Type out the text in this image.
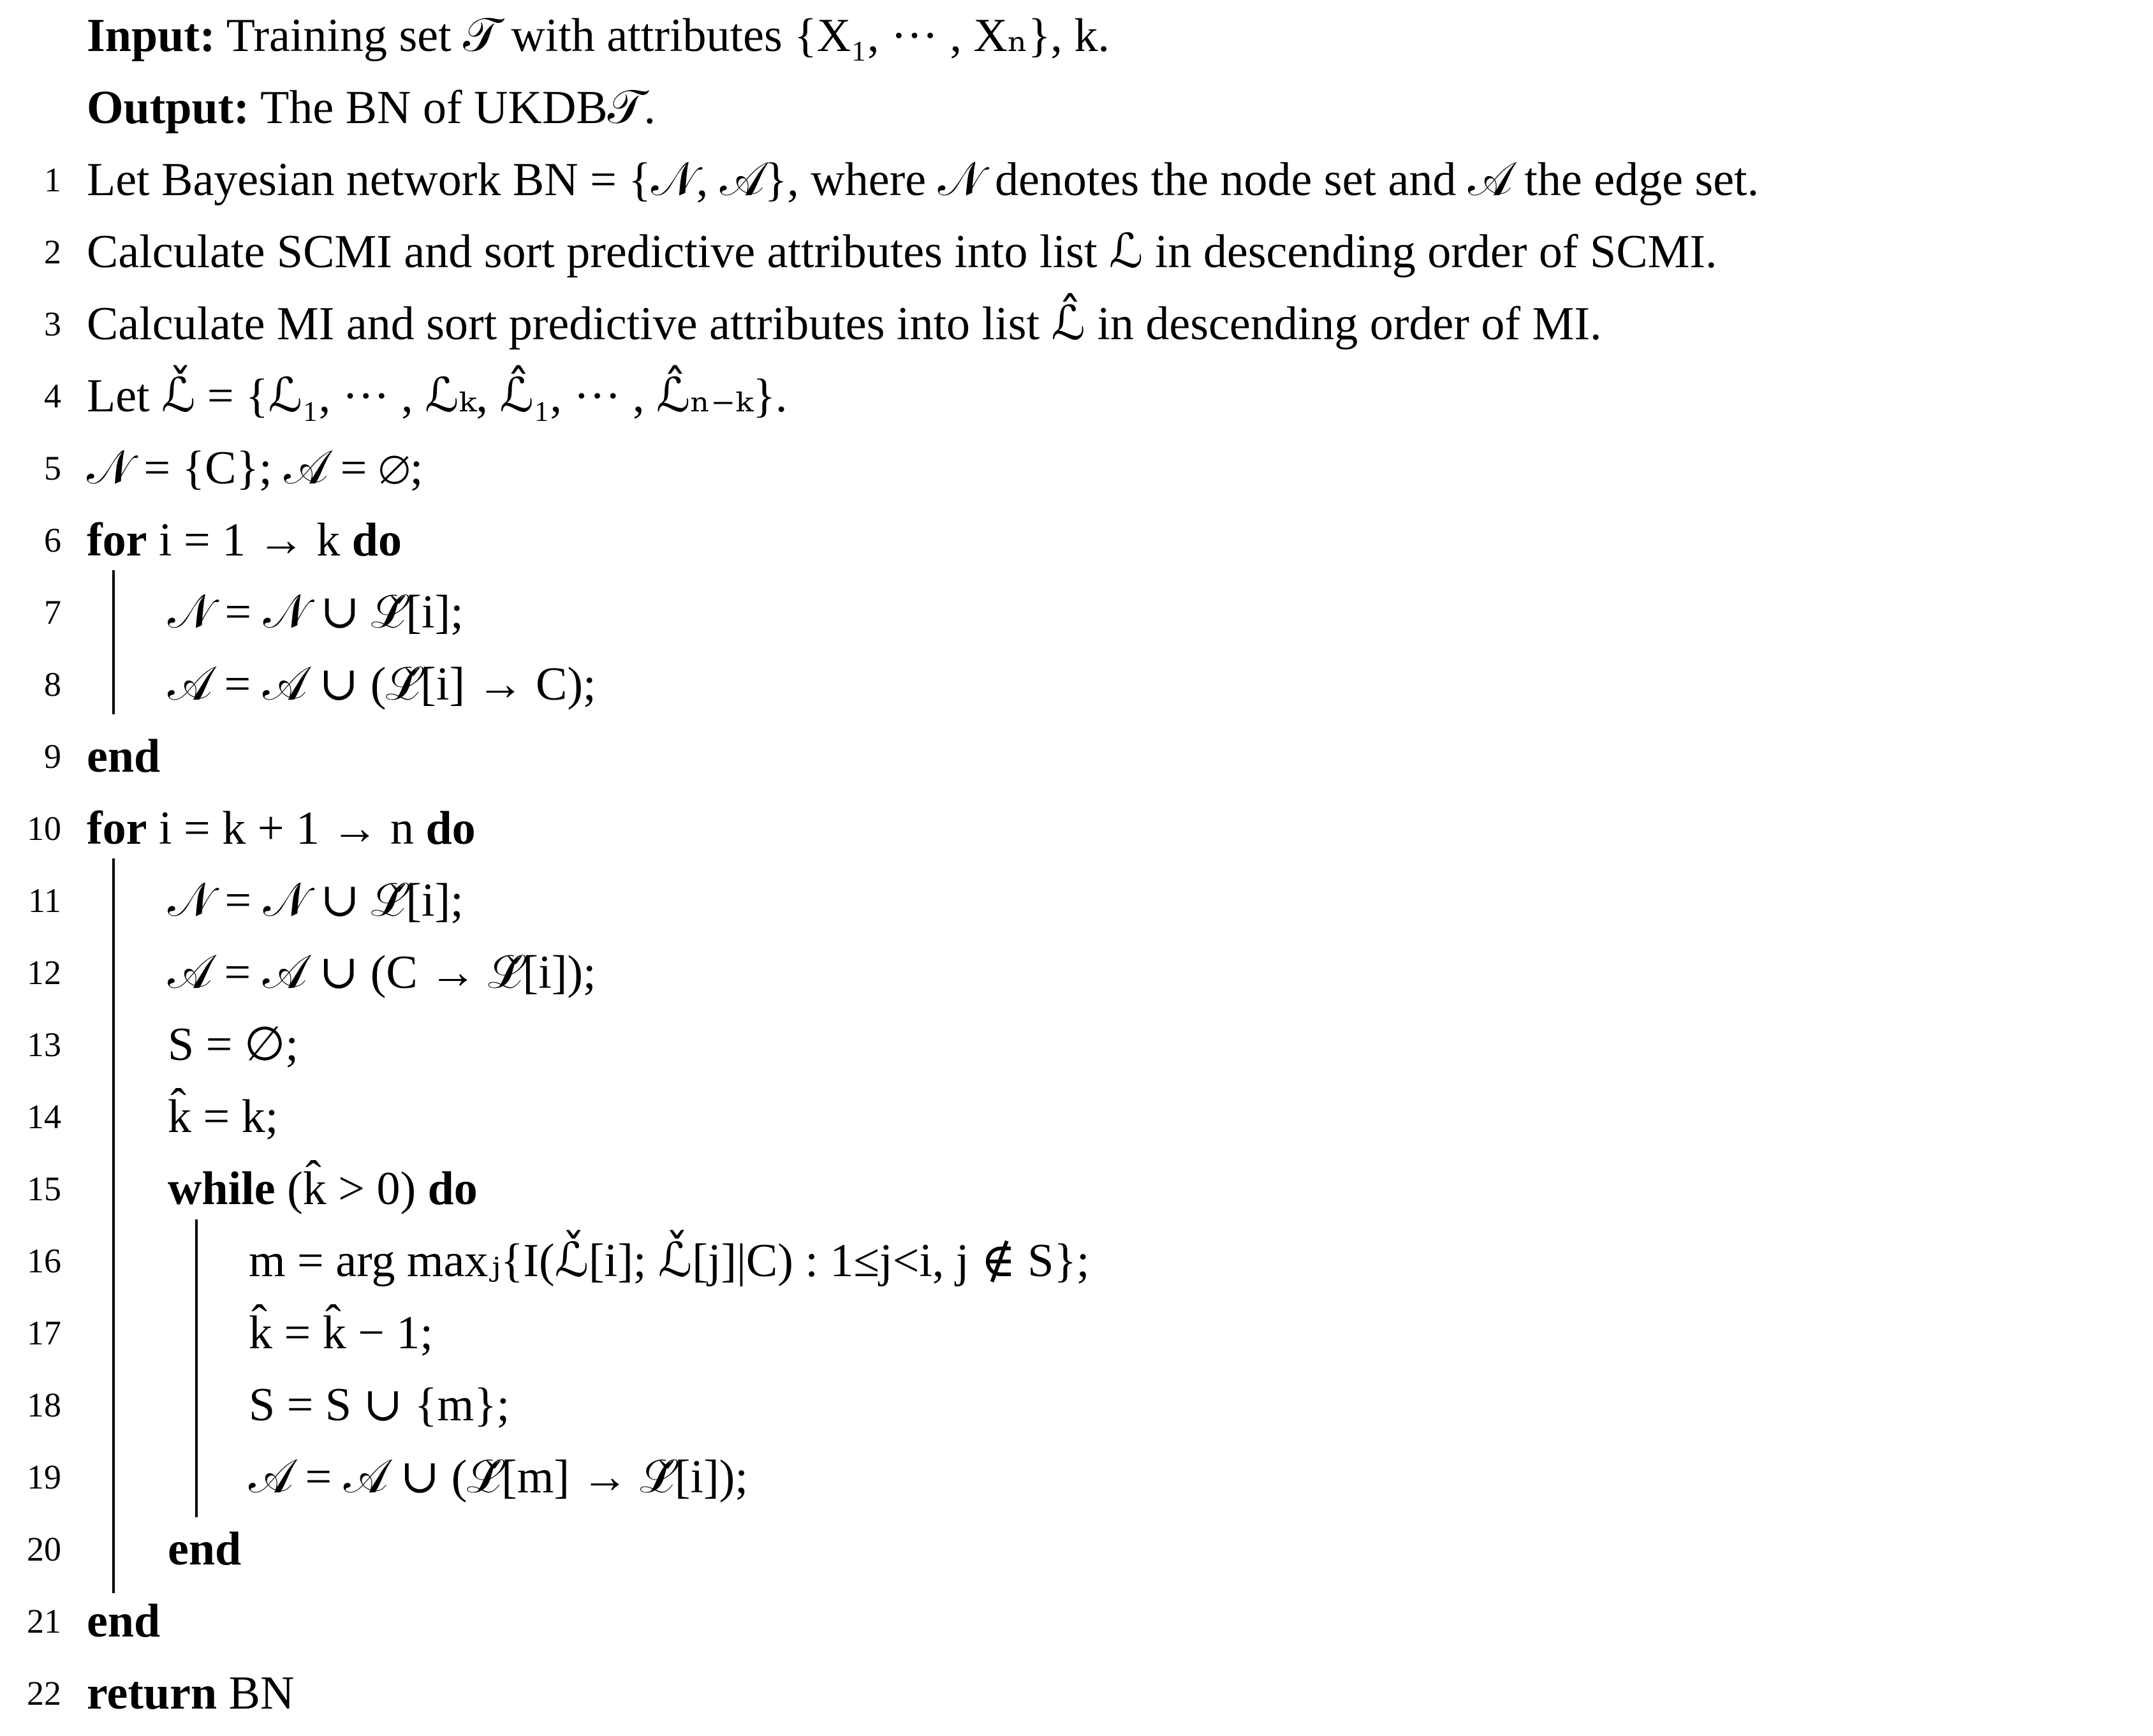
Input: Training set 𝒯 with attributes {X₁, ··· , Xₙ}, k.
Output: The BN of UKDB𝒯.
1 Let Bayesian network BN = {𝒩, 𝒜}, where 𝒩 denotes the node set and 𝒜 the edge set.
2 Calculate SCMI and sort predictive attributes into list ℒ in descending order of SCMI.
3 Calculate MI and sort predictive attributes into list ℒ̂ in descending order of MI.
4 Let ℒ̌ = {ℒ₁, ··· , ℒₖ, ℒ̂₁, ··· , ℒ̂ₙ₋ₖ}.
5 𝒩 = {C}; 𝒜 = ∅;
6 for i = 1 → k do
7 𝒩 = 𝒩 ∪ ℒ̌[i];
8 𝒜 = 𝒜 ∪ (ℒ̌[i] → C);
9 end
10 for i = k + 1 → n do
11 𝒩 = 𝒩 ∪ ℒ̌[i];
12 𝒜 = 𝒜 ∪ (C → ℒ̌[i]);
13 S = ∅;
14 k̂ = k;
15 while (k̂ > 0) do
16	m = arg maxⱼ{I(ℒ̌[i]; ℒ̌[j]|C) : 1≤j<i, j ∉ S};
17	k̂ = k̂ − 1;
18	S = S ∪ {m};
19	𝒜 = 𝒜 ∪ (ℒ̌[m] → ℒ̌[i]);
20 end
21 end
22 return BN
